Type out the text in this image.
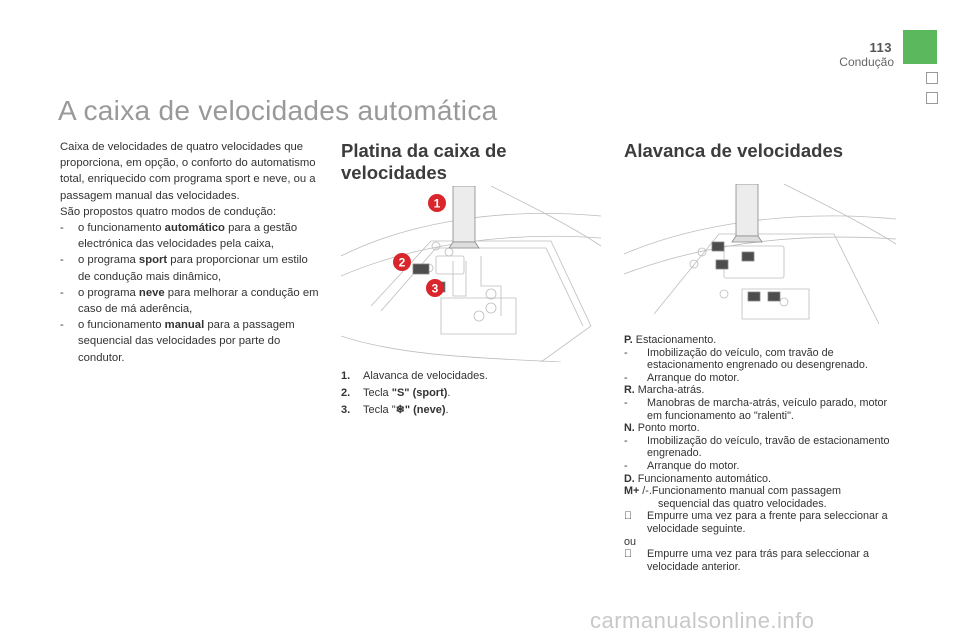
113
Condução
A caixa de velocidades automática

Caixa de velocidades de quatro velocidades que proporciona, em opção, o conforto do automatismo total, enriquecido com programa sport e neve, ou a passagem manual das velocidades.

São propostos quatro modos de condução:

- o funcionamento automático para a gestão electrónica das velocidades pela caixa,
- o programa sport para proporcionar um estilo de condução mais dinâmico,
- o programa neve para melhorar a condução em caso de má aderência,
- o funcionamento manual para a passagem sequencial das velocidades por parte do condutor.
Platina da caixa de
velocidades
1
2
3
1. Alavanca de velocidades.
2. Tecla "S" (sport).
3. Tecla "❄" (neve).
Alavanca de velocidades
P. Estacionamento.
- Imobilização do veículo, com travão de estacionamento engrenado ou desengrenado.
- Arranque do motor.
R. Marcha-atrás.
- Manobras de marcha-atrás, veículo parado, motor em funcionamento ao "ralenti".
N. Ponto morto.
- Imobilização do veículo, travão de estacionamento engrenado.
- Arranque do motor.
D. Funcionamento automático.
M+ /-.Funcionamento manual com passagem
sequencial das quatro velocidades.
Empurre uma vez para a frente para seleccionar a velocidade seguinte.
ou
Empurre uma vez para trás para seleccionar a velocidade anterior.
carmanualsonline.info
